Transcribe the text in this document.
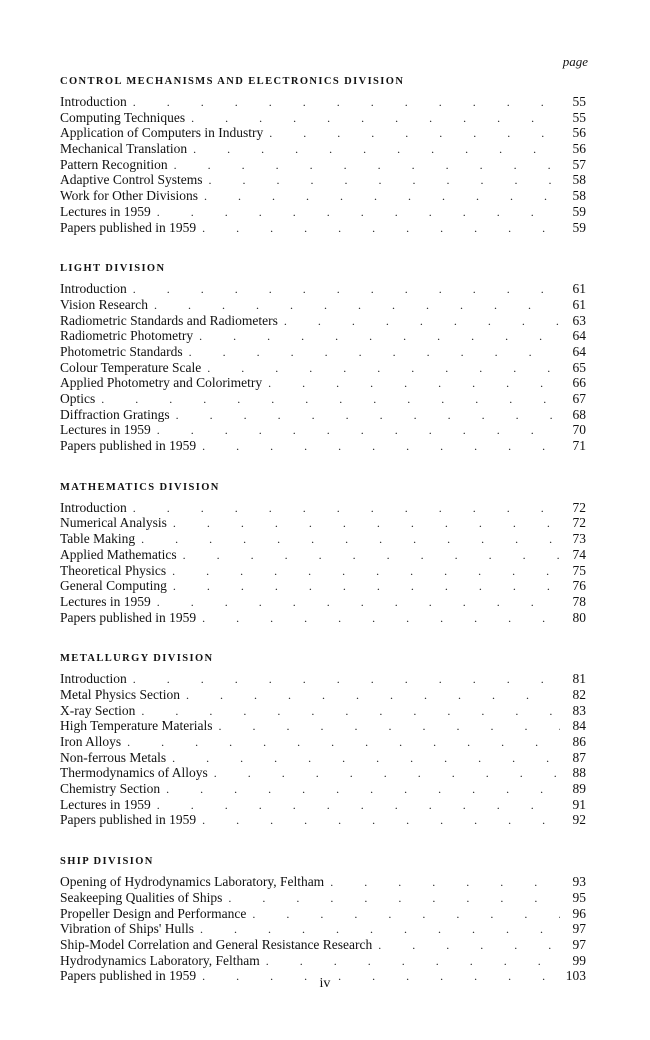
page
CONTROL MECHANISMS AND ELECTRONICS DIVISION
Introduction . . .	55
Computing Techniques . . .	55
Application of Computers in Industry . . .	56
Mechanical Translation . . .	56
Pattern Recognition . . .	57
Adaptive Control Systems . . .	58
Work for Other Divisions . . .	58
Lectures in 1959 . . .	59
Papers published in 1959 . . .	59
LIGHT DIVISION
Introduction . . .	61
Vision Research . . .	61
Radiometric Standards and Radiometers . . .	63
Radiometric Photometry . . .	64
Photometric Standards . . .	64
Colour Temperature Scale . . .	65
Applied Photometry and Colorimetry . . .	66
Optics . . .	67
Diffraction Gratings . . .	68
Lectures in 1959 . . .	70
Papers published in 1959 . . .	71
MATHEMATICS DIVISION
Introduction . . .	72
Numerical Analysis . . .	72
Table Making . . .	73
Applied Mathematics . . .	74
Theoretical Physics . . .	75
General Computing . . .	76
Lectures in 1959 . . .	78
Papers published in 1959 . . .	80
METALLURGY DIVISION
Introduction . . .	81
Metal Physics Section . . .	82
X-ray Section . . .	83
High Temperature Materials . . .	84
Iron Alloys . . .	86
Non-ferrous Metals . . .	87
Thermodynamics of Alloys . . .	88
Chemistry Section . . .	89
Lectures in 1959 . . .	91
Papers published in 1959 . . .	92
SHIP DIVISION
Opening of Hydrodynamics Laboratory, Feltham . . .	93
Seakeeping Qualities of Ships . . .	95
Propeller Design and Performance . . .	96
Vibration of Ships' Hulls . . .	97
Ship-Model Correlation and General Resistance Research . . .	97
Hydrodynamics Laboratory, Feltham . . .	99
Papers published in 1959 . . .	103
iv
